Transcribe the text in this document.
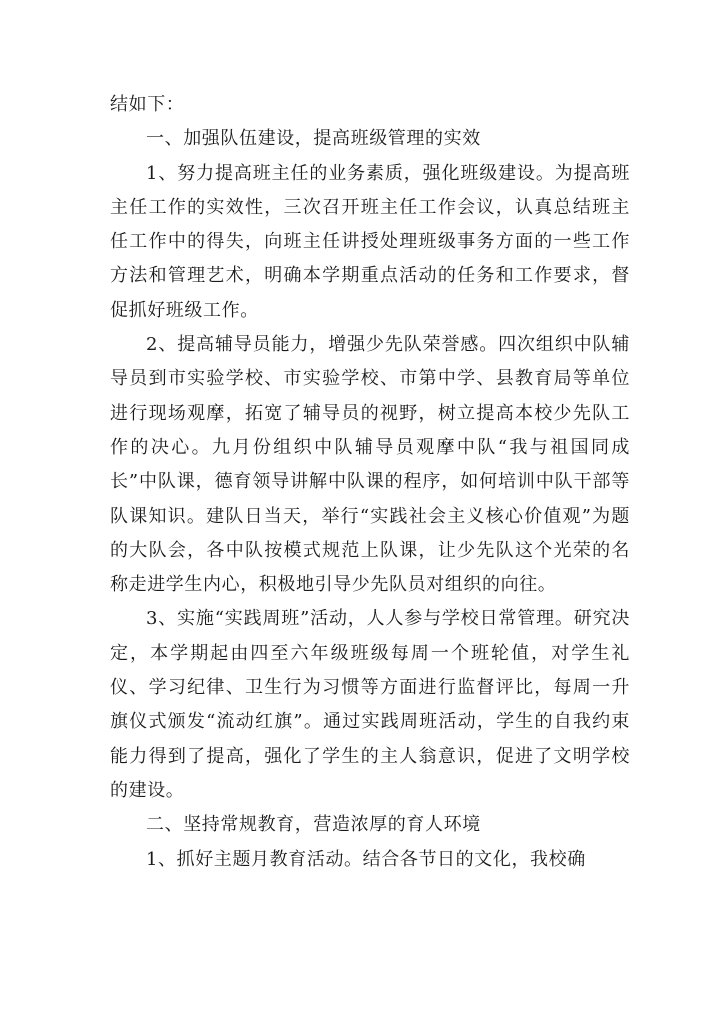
结如下：

一、加强队伍建设，提高班级管理的实效

1、努力提高班主任的业务素质，强化班级建设。为提高班主任工作的实效性，三次召开班主任工作会议，认真总结班主任工作中的得失，向班主任讲授处理班级事务方面的一些工作方法和管理艺术，明确本学期重点活动的任务和工作要求，督促抓好班级工作。

2、提高辅导员能力，增强少先队荣誉感。四次组织中队辅导员到市实验学校、市实验学校、市第中学、县教育局等单位进行现场观摩，拓宽了辅导员的视野，树立提高本校少先队工作的决心。九月份组织中队辅导员观摩中队“我与祖国同成长”中队课，德育领导讲解中队课的程序，如何培训中队干部等队课知识。建队日当天，举行“实践社会主义核心价值观”为题的大队会，各中队按模式规范上队课，让少先队这个光荣的名称走进学生内心，积极地引导少先队员对组织的向往。

3、实施“实践周班”活动，人人参与学校日常管理。研究决定，本学期起由四至六年级班级每周一个班轮值，对学生礼仪、学习纪律、卫生行为习惯等方面进行监督评比，每周一升旗仪式颁发“流动红旗”。通过实践周班活动，学生的自我约束能力得到了提高，强化了学生的主人翁意识，促进了文明学校的建设。

二、坚持常规教育，营造浓厚的育人环境

1、抓好主题月教育活动。结合各节日的文化，我校确
